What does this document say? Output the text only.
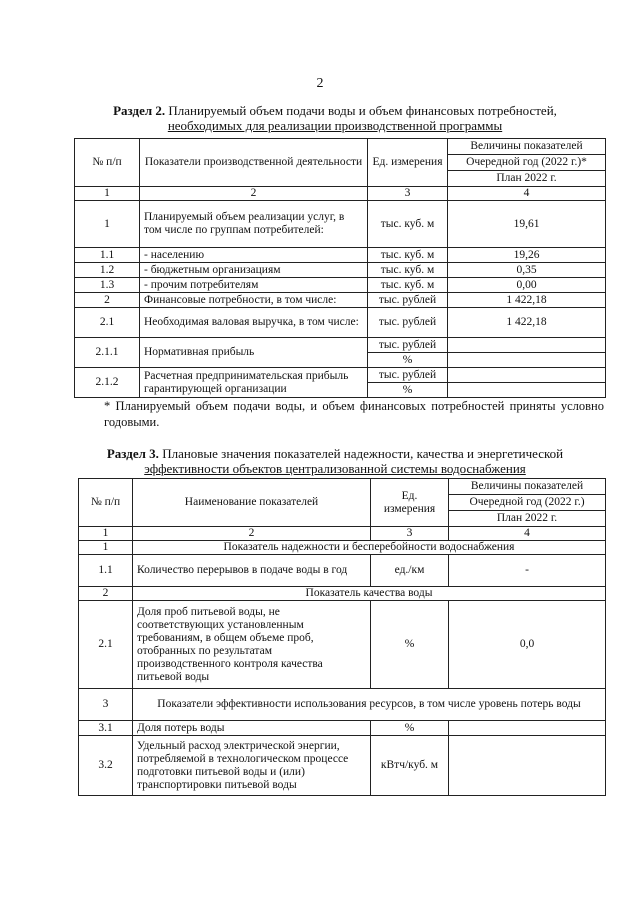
2
Раздел 2. Планируемый объем подачи воды и объем финансовых потребностей,
необходимых для реализации производственной программы
№ п/п	Показатели производственной деятельности	Ед. измерения	Величины показателей
			Очередной год (2022 г.)*
			План 2022 г.
1	2	3	4
1	Планируемый объем реализации услуг, в том числе по группам потребителей:	тыс. куб. м	19,61
1.1	- населению	тыс. куб. м	19,26
1.2	- бюджетным организациям	тыс. куб. м	0,35
1.3	- прочим потребителям	тыс. куб. м	0,00
2	Финансовые потребности, в том числе:	тыс. рублей	1 422,18
2.1	Необходимая валовая выручка, в том числе:	тыс. рублей	1 422,18
2.1.1	Нормативная прибыль	тыс. рублей	
		%	
2.1.2	Расчетная предпринимательская прибыль гарантирующей организации	тыс. рублей	
		%	
* Планируемый объем подачи воды, и объем финансовых потребностей приняты условно годовыми.
Раздел 3. Плановые значения показателей надежности, качества и энергетической
эффективности объектов централизованной системы водоснабжения
№ п/п	Наименование показателей	Ед. измерения	Величины показателей
			Очередной год (2022 г.)
			План 2022 г.
1	2	3	4
1	Показатель надежности и бесперебойности водоснабжения		
1.1	Количество перерывов в подаче воды в год	ед./км	-
2	Показатель качества воды		
2.1	Доля проб питьевой воды, не соответствующих установленным требованиям, в общем объеме проб, отобранных по результатам производственного контроля качества питьевой воды	%	0,0
3	Показатели эффективности использования ресурсов, в том числе уровень потерь воды		
3.1	Доля потерь воды	%	
3.2	Удельный расход электрической энергии, потребляемой в технологическом процессе подготовки питьевой воды и (или) транспортировки питьевой воды	кВтч/куб. м	
